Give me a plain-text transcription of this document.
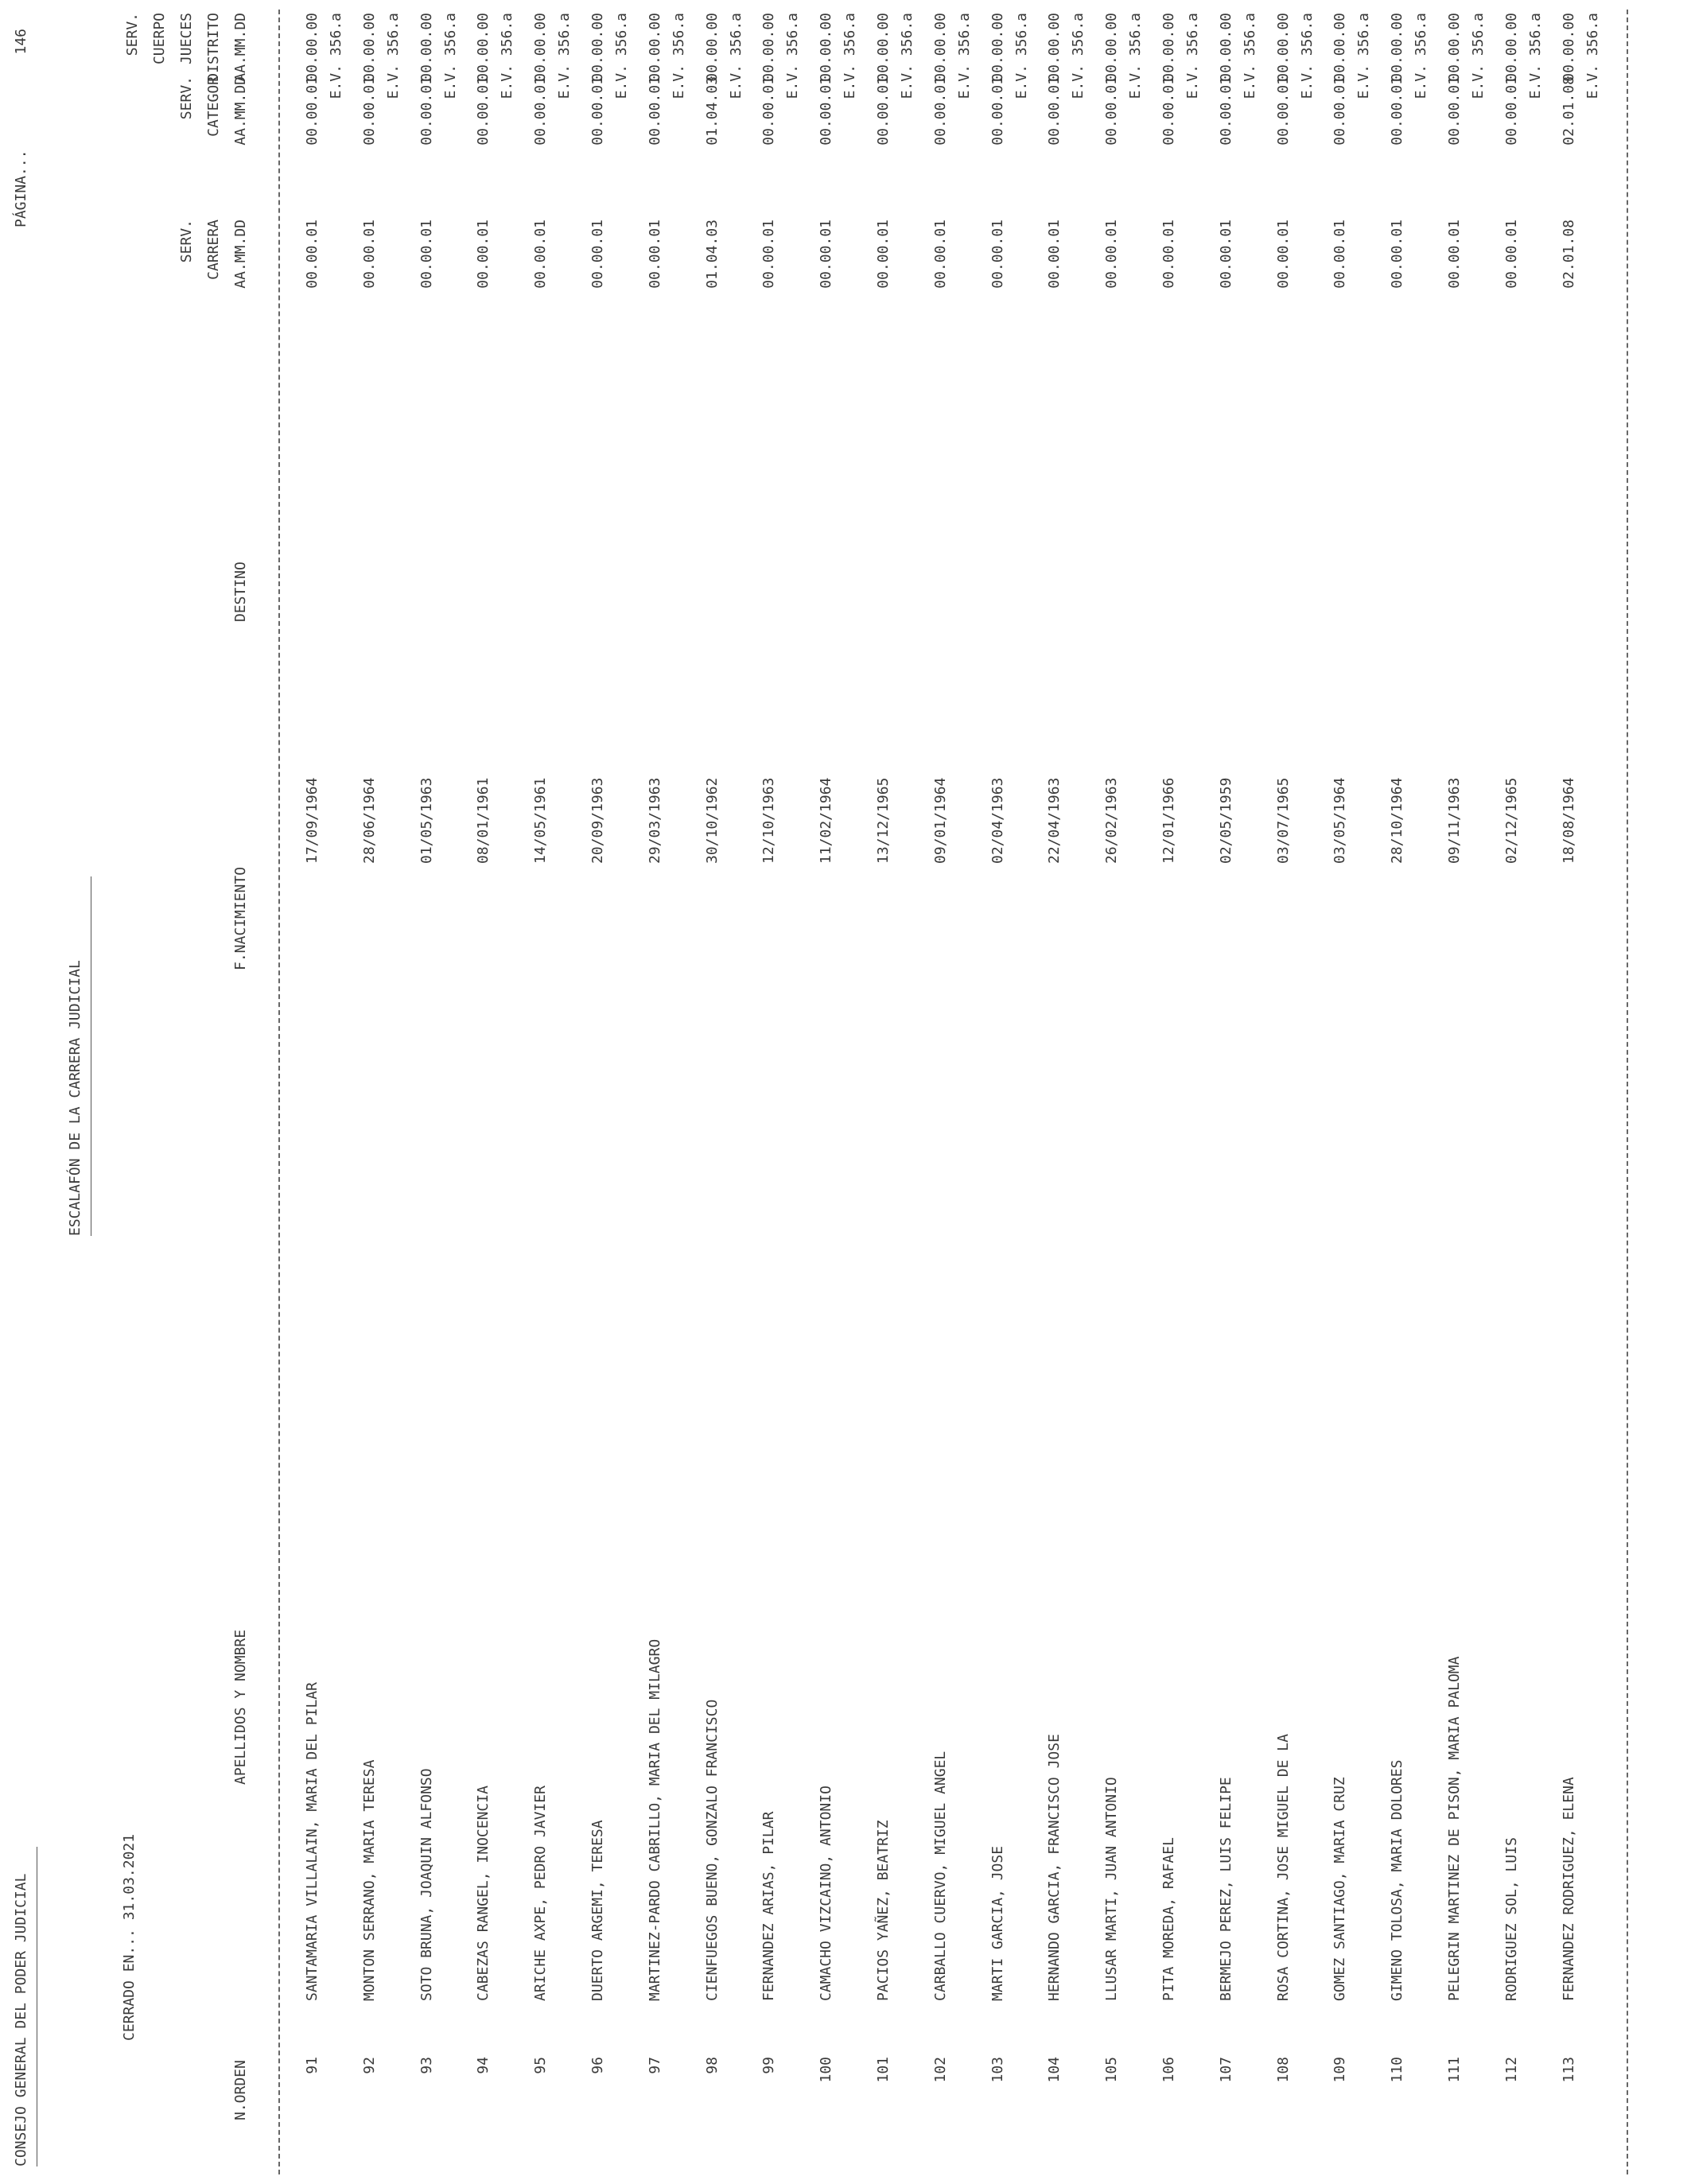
CONSEJO GENERAL DEL PODER JUDICIAL
PÁGINA...
146
ESCALAFÓN DE LA CARRERA JUDICIAL
CERRADO EN... 31.03.2021
N.ORDEN
APELLIDOS Y NOMBRE
F.NACIMIENTO
DESTINO
SERV. CARRERA AA.MM.DD
SERV. CATEGOR AA.MM.DD
SERV. CUERPO JUECES DISTRITO AA.MM.DD
91
SANTAMARIA VILLALAIN, MARIA DEL PILAR
17/09/1964
00.00.01
00.00.01
00.00.00 E.V. 356.a
92
MONTON SERRANO, MARIA TERESA
28/06/1964
00.00.01
00.00.01
00.00.00 E.V. 356.a
93
SOTO BRUNA, JOAQUIN ALFONSO
01/05/1963
00.00.01
00.00.01
00.00.00 E.V. 356.a
94
CABEZAS RANGEL, INOCENCIA
08/01/1961
00.00.01
00.00.01
00.00.00 E.V. 356.a
95
ARICHE AXPE, PEDRO JAVIER
14/05/1961
00.00.01
00.00.01
00.00.00 E.V. 356.a
96
DUERTO ARGEMI, TERESA
20/09/1963
00.00.01
00.00.01
00.00.00 E.V. 356.a
97
MARTINEZ-PARDO CABRILLO, MARIA DEL MILAGRO
29/03/1963
00.00.01
00.00.01
00.00.00 E.V. 356.a
98
CIENFUEGOS BUENO, GONZALO FRANCISCO
30/10/1962
01.04.03
01.04.03
00.00.00 E.V. 356.a
99
FERNANDEZ ARIAS, PILAR
12/10/1963
00.00.01
00.00.01
00.00.00 E.V. 356.a
100
CAMACHO VIZCAINO, ANTONIO
11/02/1964
00.00.01
00.00.01
00.00.00 E.V. 356.a
101
PACIOS YAÑEZ, BEATRIZ
13/12/1965
00.00.01
00.00.01
00.00.00 E.V. 356.a
102
CARBALLO CUERVO, MIGUEL ANGEL
09/01/1964
00.00.01
00.00.01
00.00.00 E.V. 356.a
103
MARTI GARCIA, JOSE
02/04/1963
00.00.01
00.00.01
00.00.00 E.V. 356.a
104
HERNANDO GARCIA, FRANCISCO JOSE
22/04/1963
00.00.01
00.00.01
00.00.00 E.V. 356.a
105
LLUSAR MARTI, JUAN ANTONIO
26/02/1963
00.00.01
00.00.01
00.00.00 E.V. 356.a
106
PITA MOREDA, RAFAEL
12/01/1966
00.00.01
00.00.01
00.00.00 E.V. 356.a
107
BERMEJO PEREZ, LUIS FELIPE
02/05/1959
00.00.01
00.00.01
00.00.00 E.V. 356.a
108
ROSA CORTINA, JOSE MIGUEL DE LA
03/07/1965
00.00.01
00.00.01
00.00.00 E.V. 356.a
109
GOMEZ SANTIAGO, MARIA CRUZ
03/05/1964
00.00.01
00.00.01
00.00.00 E.V. 356.a
110
GIMENO TOLOSA, MARIA DOLORES
28/10/1964
00.00.01
00.00.01
00.00.00 E.V. 356.a
111
PELEGRIN MARTINEZ DE PISON, MARIA PALOMA
09/11/1963
00.00.01
00.00.01
00.00.00 E.V. 356.a
112
RODRIGUEZ SOL, LUIS
02/12/1965
00.00.01
00.00.01
00.00.00 E.V. 356.a
113
FERNANDEZ RODRIGUEZ, ELENA
18/08/1964
02.01.08
02.01.08
00.00.00 E.V. 356.a
